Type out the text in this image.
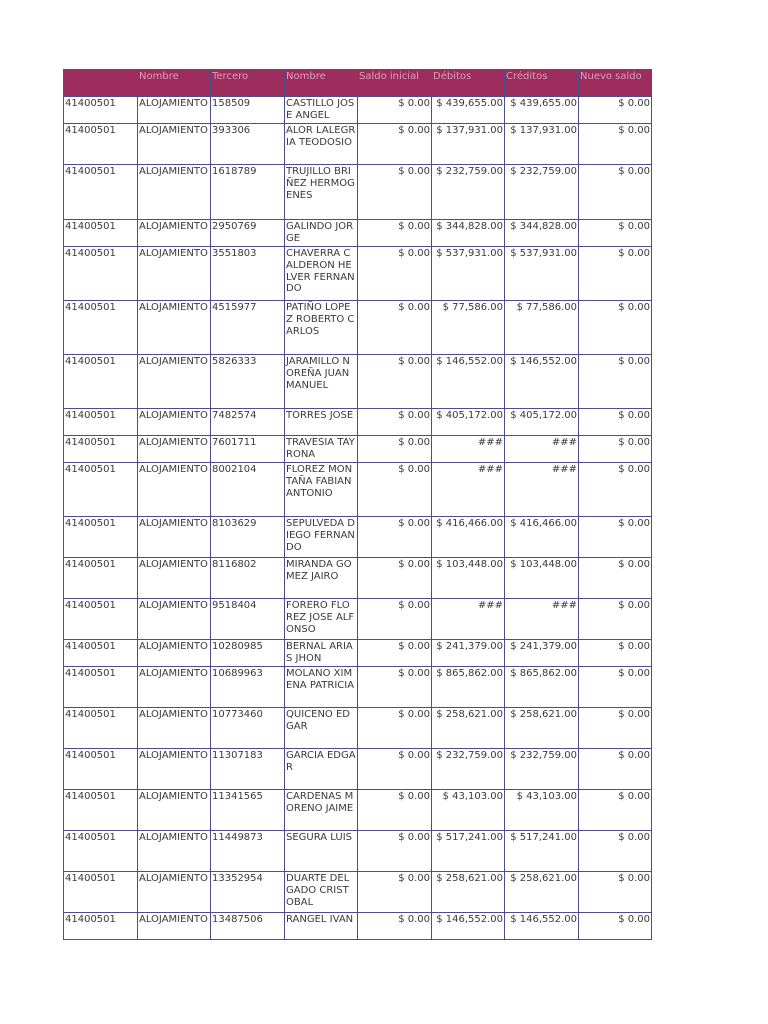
	Nombre	Tercero	Nombre	Saldo inicial	Débitos	Créditos	Nuevo saldo
41400501	ALOJAMIENTO	158509	CASTILLO JOSE ANGEL	$ 0.00	$ 439,655.00	$ 439,655.00	$ 0.00
41400501	ALOJAMIENTO	393306	ALOR LALEGRIA TEODOSIO	$ 0.00	$ 137,931.00	$ 137,931.00	$ 0.00
41400501	ALOJAMIENTO	1618789	TRUJILLO BRIÑEZ HERMOGENES	$ 0.00	$ 232,759.00	$ 232,759.00	$ 0.00
41400501	ALOJAMIENTO	2950769	GALINDO JORGE	$ 0.00	$ 344,828.00	$ 344,828.00	$ 0.00
41400501	ALOJAMIENTO	3551803	CHAVERRA CALDERON HELVER FERNANDO	$ 0.00	$ 537,931.00	$ 537,931.00	$ 0.00
41400501	ALOJAMIENTO	4515977	PATIÑO LOPEZ ROBERTO CARLOS	$ 0.00	$ 77,586.00	$ 77,586.00	$ 0.00
41400501	ALOJAMIENTO	5826333	JARAMILLO NOREÑA JUAN MANUEL	$ 0.00	$ 146,552.00	$ 146,552.00	$ 0.00
41400501	ALOJAMIENTO	7482574	TORRES JOSE	$ 0.00	$ 405,172.00	$ 405,172.00	$ 0.00
41400501	ALOJAMIENTO	7601711	TRAVESIA TAYRONA	$ 0.00	###	###	$ 0.00
41400501	ALOJAMIENTO	8002104	FLOREZ MONTAÑA FABIAN ANTONIO	$ 0.00	###	###	$ 0.00
41400501	ALOJAMIENTO	8103629	SEPULVEDA DIEGO FERNANDO	$ 0.00	$ 416,466.00	$ 416,466.00	$ 0.00
41400501	ALOJAMIENTO	8116802	MIRANDA GOMEZ JAIRO	$ 0.00	$ 103,448.00	$ 103,448.00	$ 0.00
41400501	ALOJAMIENTO	9518404	FORERO FLOREZ JOSE ALFONSO	$ 0.00	###	###	$ 0.00
41400501	ALOJAMIENTO	10280985	BERNAL ARIAS JHON	$ 0.00	$ 241,379.00	$ 241,379.00	$ 0.00
41400501	ALOJAMIENTO	10689963	MOLANO XIMENA PATRICIA	$ 0.00	$ 865,862.00	$ 865,862.00	$ 0.00
41400501	ALOJAMIENTO	10773460	QUICENO EDGAR	$ 0.00	$ 258,621.00	$ 258,621.00	$ 0.00
41400501	ALOJAMIENTO	11307183	GARCIA EDGAR	$ 0.00	$ 232,759.00	$ 232,759.00	$ 0.00
41400501	ALOJAMIENTO	11341565	CARDENAS MORENO JAIME	$ 0.00	$ 43,103.00	$ 43,103.00	$ 0.00
41400501	ALOJAMIENTO	11449873	SEGURA LUIS	$ 0.00	$ 517,241.00	$ 517,241.00	$ 0.00
41400501	ALOJAMIENTO	13352954	DUARTE DELGADO CRISTOBAL	$ 0.00	$ 258,621.00	$ 258,621.00	$ 0.00
41400501	ALOJAMIENTO	13487506	RANGEL IVAN	$ 0.00	$ 146,552.00	$ 146,552.00	$ 0.00
